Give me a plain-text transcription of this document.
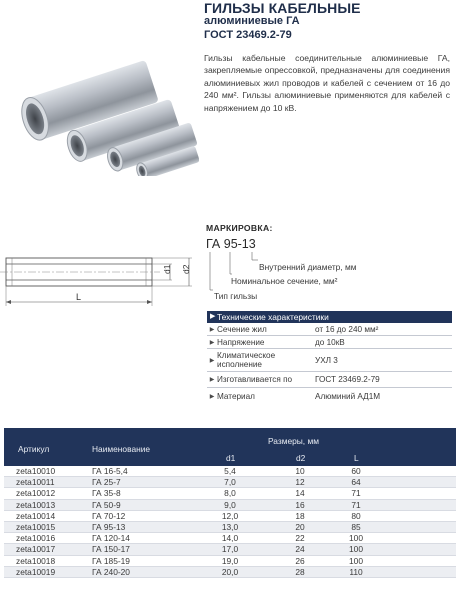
ГИЛЬЗЫ КАБЕЛЬНЫЕ
алюминиевые ГА
ГОСТ 23469.2-79
Гильзы кабельные соединительные алюминиевые ГА, закрепляемые опрессовкой, предназначены для соединения алюминиевых жил проводов и кабелей с сечением от 16 до 240 мм². Гильзы алюминиевые применяются для кабелей с напряжением до 10 кВ.
d1 d2
L
МАРКИРОВКА:
ГА 95-13
Внутренний диаметр, мм
Номинальное сечение, мм²
Тип гильзы
▶ Технические характеристики
▶ Сечение жил	от 16 до 240 мм²
▶ Напряжение	до 10кВ
▶
Климатическое исполнение	УХЛ 3
▶ Изготавливается по	ГОСТ 23469.2-79
▶ Материал	Алюминий АД1М
Артикул	Наименование
Размеры, мм
d1	d2	L
zeta10010	ГА 16-5,4	5,4	10	60
zeta10011	ГА 25-7	7,0	12	64
zeta10012	ГА 35-8	8,0	14	71
zeta10013	ГА 50-9	9,0	16	71
zeta10014	ГА 70-12	12,0	18	80
zeta10015	ГА 95-13	13,0	20	85
zeta10016	ГА 120-14	14,0	22	100
zeta10017	ГА 150-17	17,0	24	100
zeta10018	ГА 185-19	19,0	26	100
zeta10019	ГА 240-20	20,0	28	110
